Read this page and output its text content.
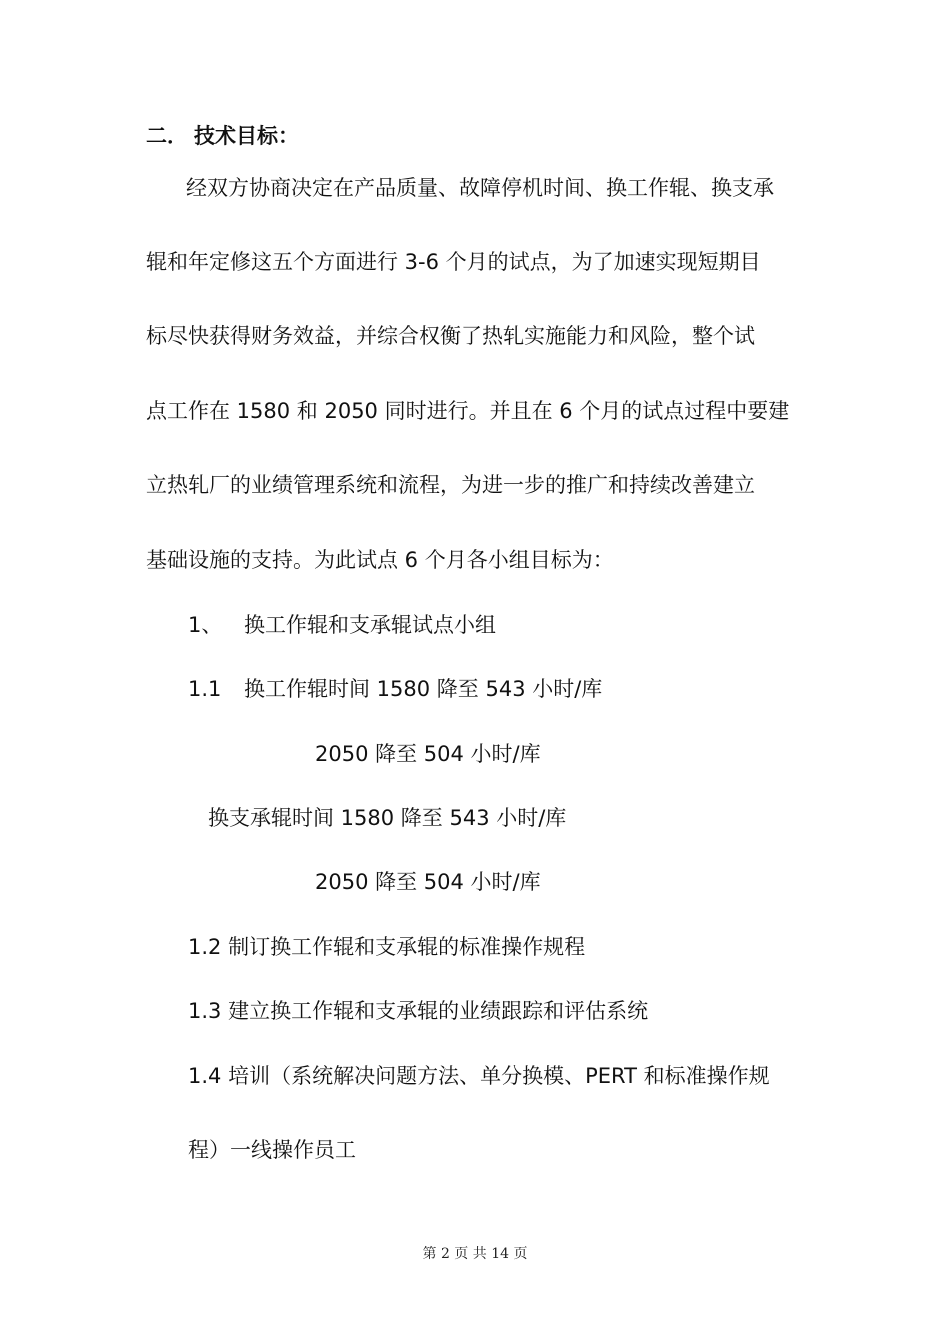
二． 技术目标：
经双方协商决定在产品质量、故障停机时间、换工作辊、换支承
辊和年定修这五个方面进行 3-6 个月的试点，为了加速实现短期目
标尽快获得财务效益，并综合权衡了热轧实施能力和风险，整个试
点工作在 1580 和 2050 同时进行。并且在 6 个月的试点过程中要建
立热轧厂的业绩管理系统和流程，为进一步的推广和持续改善建立
基础设施的支持。为此试点 6 个月各小组目标为：
1、 换工作辊和支承辊试点小组
1.1 换工作辊时间 1580 降至 543 小时/库
2050 降至 504 小时/库
换支承辊时间 1580 降至 543 小时/库
2050 降至 504 小时/库
1.2 制订换工作辊和支承辊的标准操作规程
1.3 建立换工作辊和支承辊的业绩跟踪和评估系统
1.4 培训（系统解决问题方法、单分换模、PERT 和标准操作规
程）一线操作员工
第 2 页 共 14 页
